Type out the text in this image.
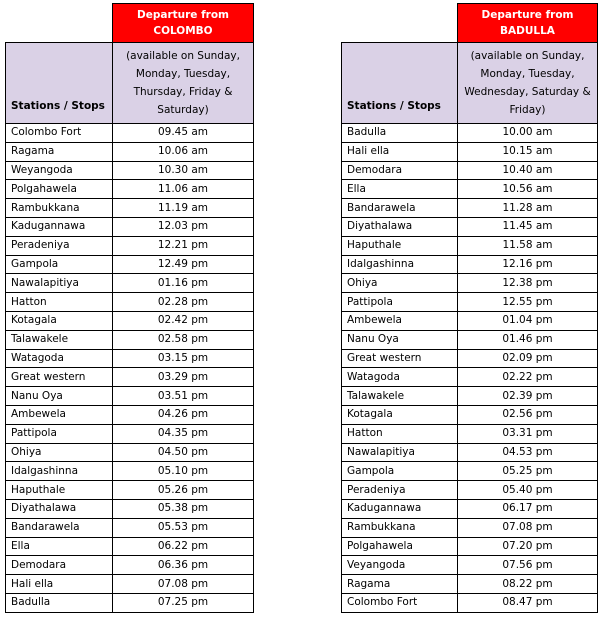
	Departure from
COLOMBO
Stations / Stops	(available on Sunday, Monday, Tuesday, Thursday, Friday & Saturday)
Colombo Fort	09.45 am
Ragama	10.06 am
Weyangoda	10.30 am
Polgahawela	11.06 am
Rambukkana	11.19 am
Kadugannawa	12.03 pm
Peradeniya	12.21 pm
Gampola	12.49 pm
Nawalapitiya	01.16 pm
Hatton	02.28 pm
Kotagala	02.42 pm
Talawakele	02.58 pm
Watagoda	03.15 pm
Great western	03.29 pm
Nanu Oya	03.51 pm
Ambewela	04.26 pm
Pattipola	04.35 pm
Ohiya	04.50 pm
Idalgashinna	05.10 pm
Haputhale	05.26 pm
Diyathalawa	05.38 pm
Bandarawela	05.53 pm
Ella	06.22 pm
Demodara	06.36 pm
Hali ella	07.08 pm
Badulla	07.25 pm
	Departure from
BADULLA
Stations / Stops	(available on Sunday, Monday, Tuesday, Wednesday, Saturday & Friday)
Badulla	10.00 am
Hali ella	10.15 am
Demodara	10.40 am
Ella	10.56 am
Bandarawela	11.28 am
Diyathalawa	11.45 am
Haputhale	11.58 am
Idalgashinna	12.16 pm
Ohiya	12.38 pm
Pattipola	12.55 pm
Ambewela	01.04 pm
Nanu Oya	01.46 pm
Great western	02.09 pm
Watagoda	02.22 pm
Talawakele	02.39 pm
Kotagala	02.56 pm
Hatton	03.31 pm
Nawalapitiya	04.53 pm
Gampola	05.25 pm
Peradeniya	05.40 pm
Kadugannawa	06.17 pm
Rambukkana	07.08 pm
Polgahawela	07.20 pm
Veyangoda	07.56 pm
Ragama	08.22 pm
Colombo Fort	08.47 pm
